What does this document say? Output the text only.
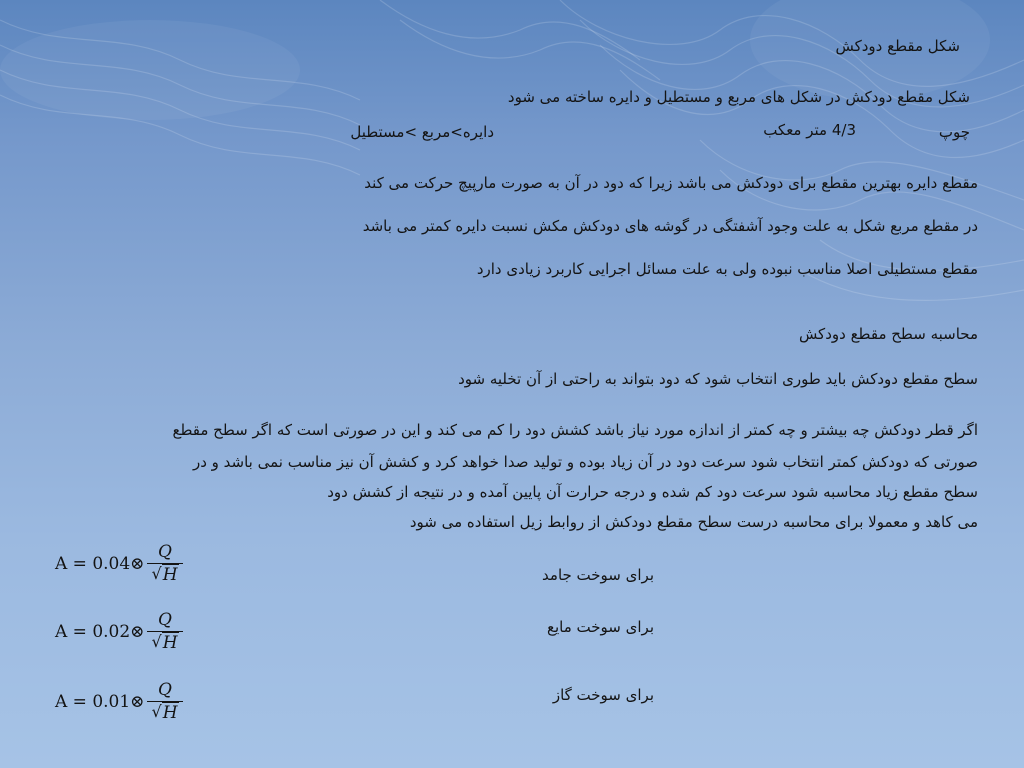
شکل مقطع دودکش
شکل مقطع دودکش در شکل های مربع و مستطیل و دایره ساخته می شود
چوپ
4/3 متر معکب
دایره>مربع >مستطیل
مقطع دایره بهترین مقطع برای دودکش می باشد زیرا که دود در آن به صورت مارپیچ حرکت می کند
در مقطع مربع شکل به علت وجود آشفتگی در گوشه های دودکش مکش نسبت دایره کمتر می باشد
مقطع مستطیلی اصلا مناسب نبوده ولی به علت مسائل اجرایی کاربرد زیادی دارد
محاسبه سطح مقطع دودکش
سطح مقطع دودکش باید طوری انتخاب شود که دود بتواند به راحتی از آن تخلیه شود
اگر قطر دودکش چه بیشتر و چه کمتر از اندازه مورد نیاز باشد کشش دود را کم می کند و این در صورتی است که اگر سطح مقطع
صورتی که دودکش کمتر انتخاب شود سرعت دود در آن زیاد بوده و تولید صدا خواهد کرد و کشش آن نیز مناسب نمی باشد و در
سطح مقطع زیاد محاسبه شود سرعت دود کم شده و درجه حرارت آن پایین آمده و در نتیجه از کشش دود
می کاهد و معمولا برای محاسبه درست سطح مقطع دودکش از روابط زیل استفاده می شود
A = 0.04⊗
Q
√H	برای سوخت جامد
A = 0.02⊗
Q
√H
برای سوخت مایع
A = 0.01⊗
Q
√H
برای سوخت گاز
